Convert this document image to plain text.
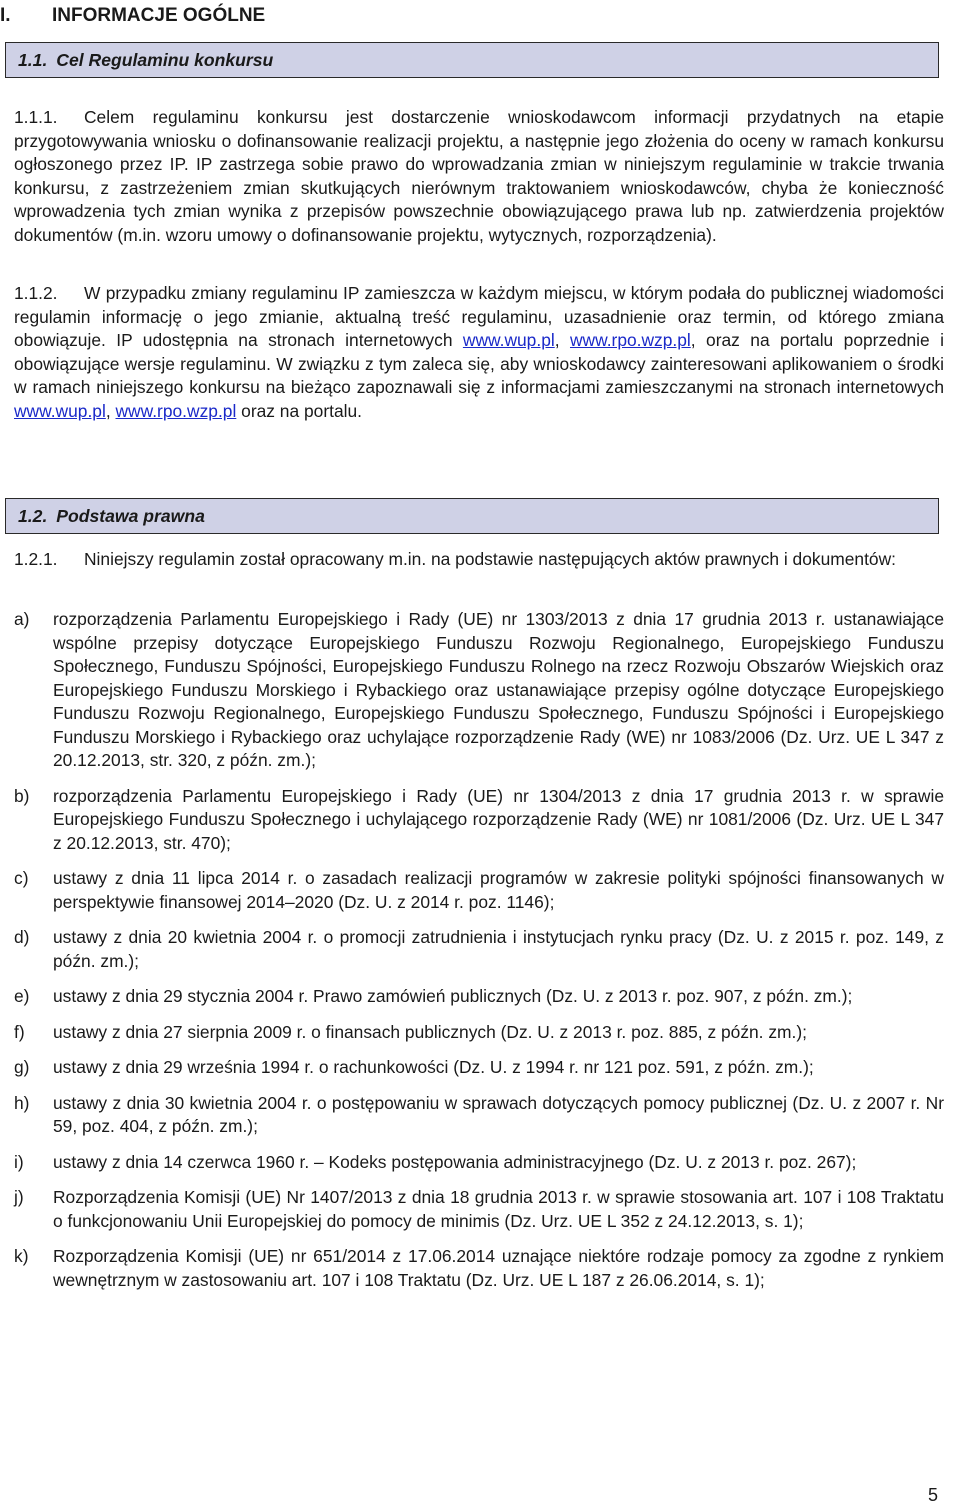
I. INFORMACJE OGÓLNE
1.1. Cel Regulaminu konkursu
1.1.1. Celem regulaminu konkursu jest dostarczenie wnioskodawcom informacji przydatnych na etapie przygotowywania wniosku o dofinansowanie realizacji projektu, a następnie jego złożenia do oceny w ramach konkursu ogłoszonego przez IP. IP zastrzega sobie prawo do wprowadzania zmian w niniejszym regulaminie w trakcie trwania konkursu, z zastrzeżeniem zmian skutkujących nierównym traktowaniem wnioskodawców, chyba że konieczność wprowadzenia tych zmian wynika z przepisów powszechnie obowiązującego prawa lub np. zatwierdzenia projektów dokumentów (m.in. wzoru umowy o dofinansowanie projektu, wytycznych, rozporządzenia).
1.1.2. W przypadku zmiany regulaminu IP zamieszcza w każdym miejscu, w którym podała do publicznej wiadomości regulamin informację o jego zmianie, aktualną treść regulaminu, uzasadnienie oraz termin, od którego zmiana obowiązuje. IP udostępnia na stronach internetowych www.wup.pl, www.rpo.wzp.pl, oraz na portalu poprzednie i obowiązujące wersje regulaminu. W związku z tym zaleca się, aby wnioskodawcy zainteresowani aplikowaniem o środki w ramach niniejszego konkursu na bieżąco zapoznawali się z informacjami zamieszczanymi na stronach internetowych www.wup.pl, www.rpo.wzp.pl oraz na portalu.
1.2. Podstawa prawna
1.2.1. Niniejszy regulamin został opracowany m.in. na podstawie następujących aktów prawnych i dokumentów:
a)	rozporządzenia Parlamentu Europejskiego i Rady (UE) nr 1303/2013 z dnia 17 grudnia 2013 r. ustanawiające wspólne przepisy dotyczące Europejskiego Funduszu Rozwoju Regionalnego, Europejskiego Funduszu Społecznego, Funduszu Spójności, Europejskiego Funduszu Rolnego na rzecz Rozwoju Obszarów Wiejskich oraz Europejskiego Funduszu Morskiego i Rybackiego oraz ustanawiające przepisy ogólne dotyczące Europejskiego Funduszu Rozwoju Regionalnego, Europejskiego Funduszu Społecznego, Funduszu Spójności i Europejskiego Funduszu Morskiego i Rybackiego oraz uchylające rozporządzenie Rady (WE) nr 1083/2006 (Dz. Urz. UE L 347 z 20.12.2013, str. 320, z późn. zm.);
b)	rozporządzenia Parlamentu Europejskiego i Rady (UE) nr 1304/2013 z dnia 17 grudnia 2013 r. w sprawie Europejskiego Funduszu Społecznego i uchylającego rozporządzenie Rady (WE) nr 1081/2006 (Dz. Urz. UE L 347 z 20.12.2013, str. 470);
c)	ustawy z dnia 11 lipca 2014 r. o zasadach realizacji programów w zakresie polityki spójności finansowanych w perspektywie finansowej 2014–2020 (Dz. U. z 2014 r. poz. 1146);
d)	ustawy z dnia 20 kwietnia 2004 r. o promocji zatrudnienia i instytucjach rynku pracy (Dz. U. z 2015 r. poz. 149, z późn. zm.);
e)	ustawy z dnia 29 stycznia 2004 r. Prawo zamówień publicznych (Dz. U. z 2013 r. poz. 907, z późn. zm.);
f)	ustawy z dnia 27 sierpnia 2009 r. o finansach publicznych (Dz. U. z 2013 r. poz. 885, z późn. zm.);
g)	ustawy z dnia 29 września 1994 r. o rachunkowości (Dz. U. z 1994 r. nr 121 poz. 591, z późn. zm.);
h)	ustawy z dnia 30 kwietnia 2004 r. o postępowaniu w sprawach dotyczących pomocy publicznej (Dz. U. z 2007 r. Nr 59, poz. 404, z późn. zm.);
i)	ustawy z dnia 14 czerwca 1960 r. – Kodeks postępowania administracyjnego (Dz. U. z 2013 r. poz. 267);
j)	Rozporządzenia Komisji (UE) Nr 1407/2013 z dnia 18 grudnia 2013 r. w sprawie stosowania art. 107 i 108 Traktatu o funkcjonowaniu Unii Europejskiej do pomocy de minimis (Dz. Urz. UE L 352 z 24.12.2013, s. 1);
k)	Rozporządzenia Komisji (UE) nr 651/2014 z 17.06.2014 uznające niektóre rodzaje pomocy za zgodne z rynkiem wewnętrznym w zastosowaniu art. 107 i 108 Traktatu (Dz. Urz. UE L 187 z 26.06.2014, s. 1);
5
